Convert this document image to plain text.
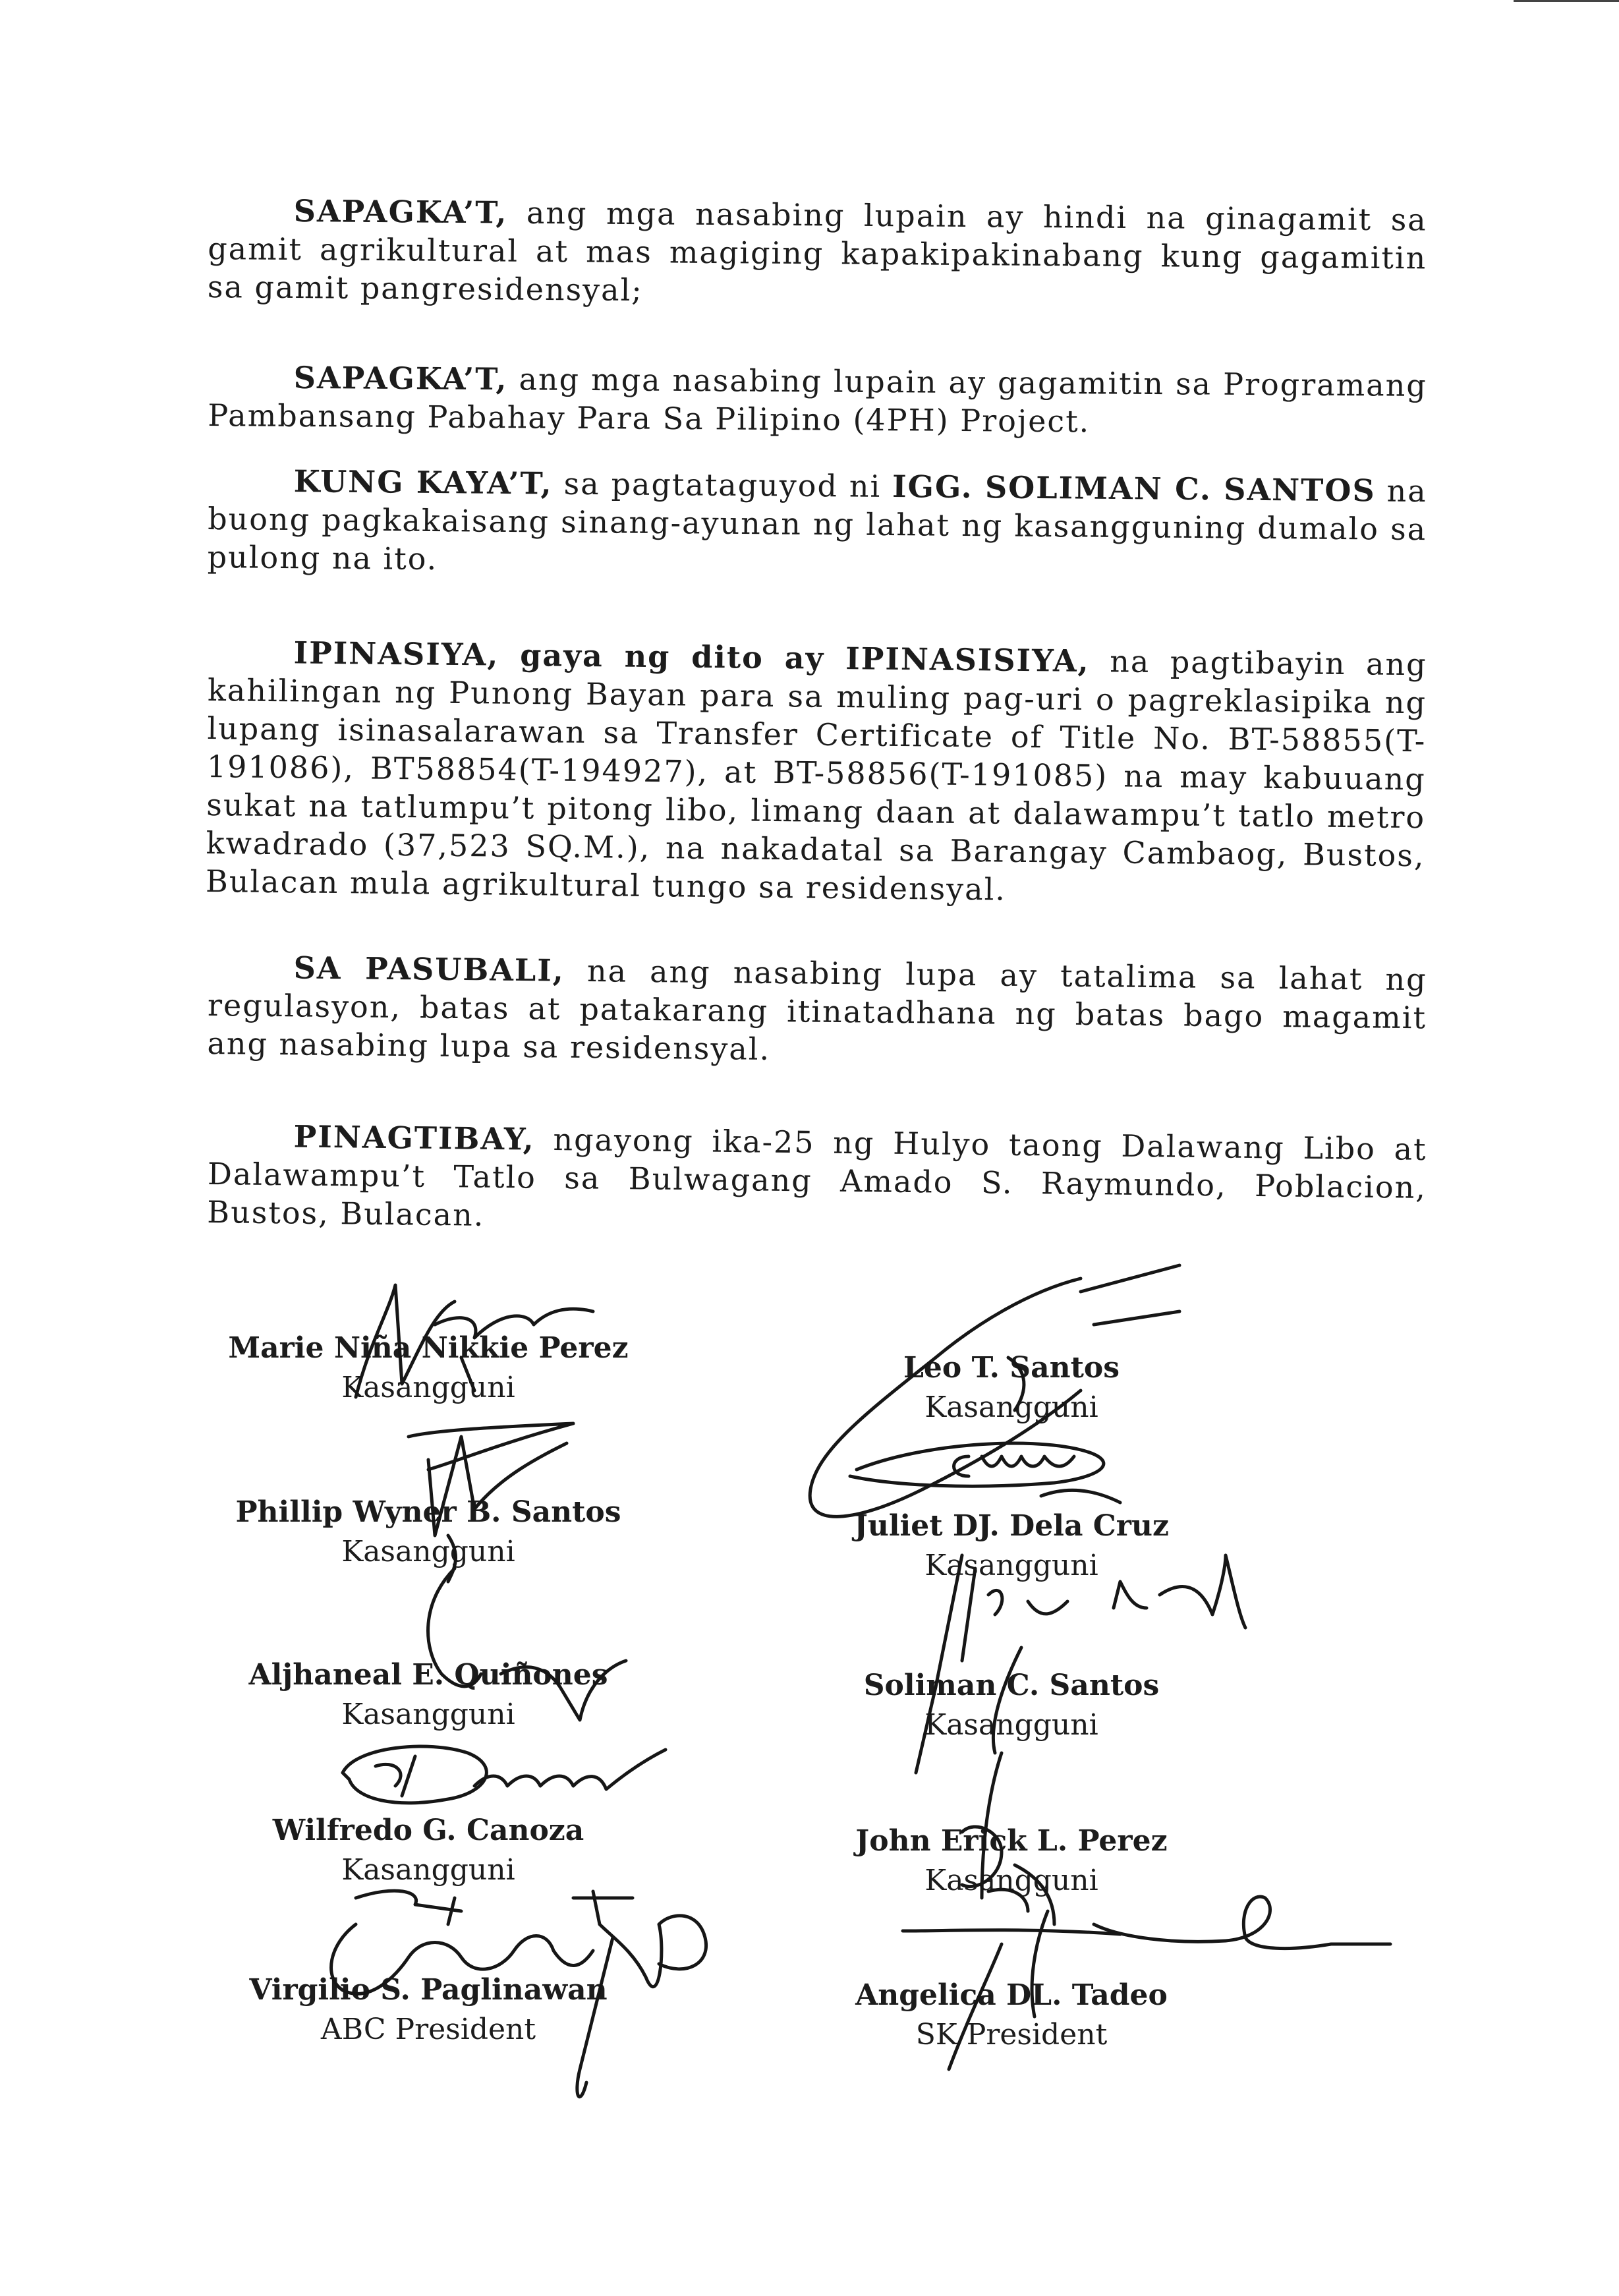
SAPAGKA’T, ang mga nasabing lupain ay hindi na ginagamit sa gamit agrikultural at mas magiging kapakipakinabang kung gagamitin sa gamit pangresidensyal;

SAPAGKA’T, ang mga nasabing lupain ay gagamitin sa Programang Pambansang Pabahay Para Sa Pilipino (4PH) Project.

KUNG KAYA’T, sa pagtataguyod ni IGG. SOLIMAN C. SANTOS na buong pagkakaisang sinang-ayunan ng lahat ng kasangguning dumalo sa pulong na ito.

IPINASIYA, gaya ng dito ay IPINASISIYA, na pagtibayin ang kahilingan ng Punong Bayan para sa muling pag-uri o pagreklasipika ng lupang isinasalarawan sa Transfer Certificate of Title No. BT-58855(T-191086), BT58854(T-194927), at BT-58856(T-191085) na may kabuuang sukat na tatlumpu’t pitong libo, limang daan at dalawampu’t tatlo metro kwadrado (37,523 SQ.M.), na nakadatal sa Barangay Cambaog, Bustos, Bulacan mula agrikultural tungo sa residensyal.

SA PASUBALI, na ang nasabing lupa ay tatalima sa lahat ng regulasyon, batas at patakarang itinatadhana ng batas bago magamit ang nasabing lupa sa residensyal.

PINAGTIBAY, ngayong ika-25 ng Hulyo taong Dalawang Libo at Dalawampu’t Tatlo sa Bulwagang Amado S. Raymundo, Poblacion, Bustos, Bulacan.

Marie Niña Nikkie Perez
Kasangguni
Phillip Wyner B. Santos
Kasangguni
Aljhaneal E. Quiñones
Kasangguni
Wilfredo G. Canoza
Kasangguni
Virgilio S. Paglinawan
ABC President
Leo T. Santos
Kasangguni
Juliet DJ. Dela Cruz
Kasangguni
Soliman C. Santos
Kasangguni
John Erick L. Perez
Kasangguni
Angelica DL. Tadeo
SK President
